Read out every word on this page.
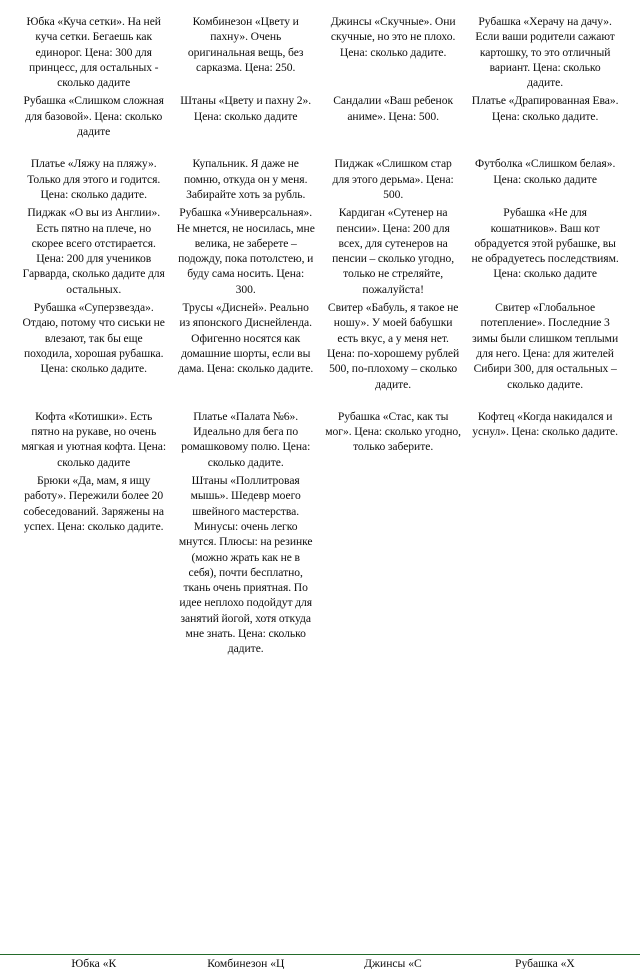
Юбка «Куча сетки». На ней куча сетки. Бегаешь как единорог. Цена: 300 для принцесс, для остальных - сколько дадите	Комбинезон «Цвету и пахну». Очень оригинальная вещь, без сарказма. Цена: 250.	Джинсы «Скучные». Они скучные, но это не плохо. Цена: сколько дадите.	Рубашка «Херачу на дачу». Если ваши родители сажают картошку, то это отличный вариант. Цена: сколько дадите.

Рубашка «Слишком сложная для базовой». Цена: сколько дадите	Штаны «Цвету и пахну 2». Цена: сколько дадите	Сандалии «Ваш ребенок аниме». Цена: 500.	Платье «Драпированная Ева». Цена: сколько дадите.

Платье «Ляжу на пляжу». Только для этого и годится. Цена: сколько дадите.	Купальник. Я даже не помню, откуда он у меня. Забирайте хоть за рубль.	Пиджак «Слишком стар для этого дерьма». Цена: 500.	Футболка «Слишком белая». Цена: сколько дадите

Пиджак «О вы из Англии». Есть пятно на плече, но скорее всего отстирается. Цена: 200 для учеников Гарварда, сколько дадите для остальных.	Рубашка «Универсальная». Не мнется, не носилась, мне велика, не заберете – подожду, пока потолстею, и буду сама носить. Цена: 300.	Кардиган «Сутенер на пенсии». Цена: 200 для всех, для сутенеров на пенсии – сколько угодно, только не стреляйте, пожалуйста!	Рубашка «Не для кошатников». Ваш кот обрадуется этой рубашке, вы не обрадуетесь последствиям. Цена: сколько дадите

Рубашка «Суперзвезда». Отдаю, потому что сиськи не влезают, так бы еще походила, хорошая рубашка. Цена: сколько дадите.	Трусы «Дисней». Реально из японского Диснейленда. Офигенно носятся как домашние шорты, если вы дама. Цена: сколько дадите.	Свитер «Бабуль, я такое не ношу». У моей бабушки есть вкус, а у меня нет. Цена: по-хорошему рублей 500, по-плохому – сколько дадите.	Свитер «Глобальное потепление». Последние 3 зимы были слишком теплыми для него. Цена: для жителей Сибири 300, для остальных – сколько дадите.

Кофта «Котишки». Есть пятно на рукаве, но очень мягкая и уютная кофта. Цена: сколько дадите	Платье «Палата №6». Идеально для бега по ромашковому полю. Цена: сколько дадите.	Рубашка «Стас, как ты мог». Цена: сколько угодно, только заберите.	Кофтец «Когда накидался и уснул». Цена: сколько дадите.

Брюки «Да, мам, я ищу работу». Пережили более 20 собеседований. Заряжены на успех. Цена: сколько дадите.	Штаны «Поллитровая мышь». Шедевр моего швейного мастерства. Минусы: очень легко мнутся. Плюсы: на резинке (можно жрать как не в себя), почти бесплатно, ткань очень приятная. По идее неплохо подойдут для занятий йогой, хотя откуда мне знать. Цена: сколько дадите.		

Юбка «К	Комбинезон «Ц	Джинсы «С	Рубашка «Х
